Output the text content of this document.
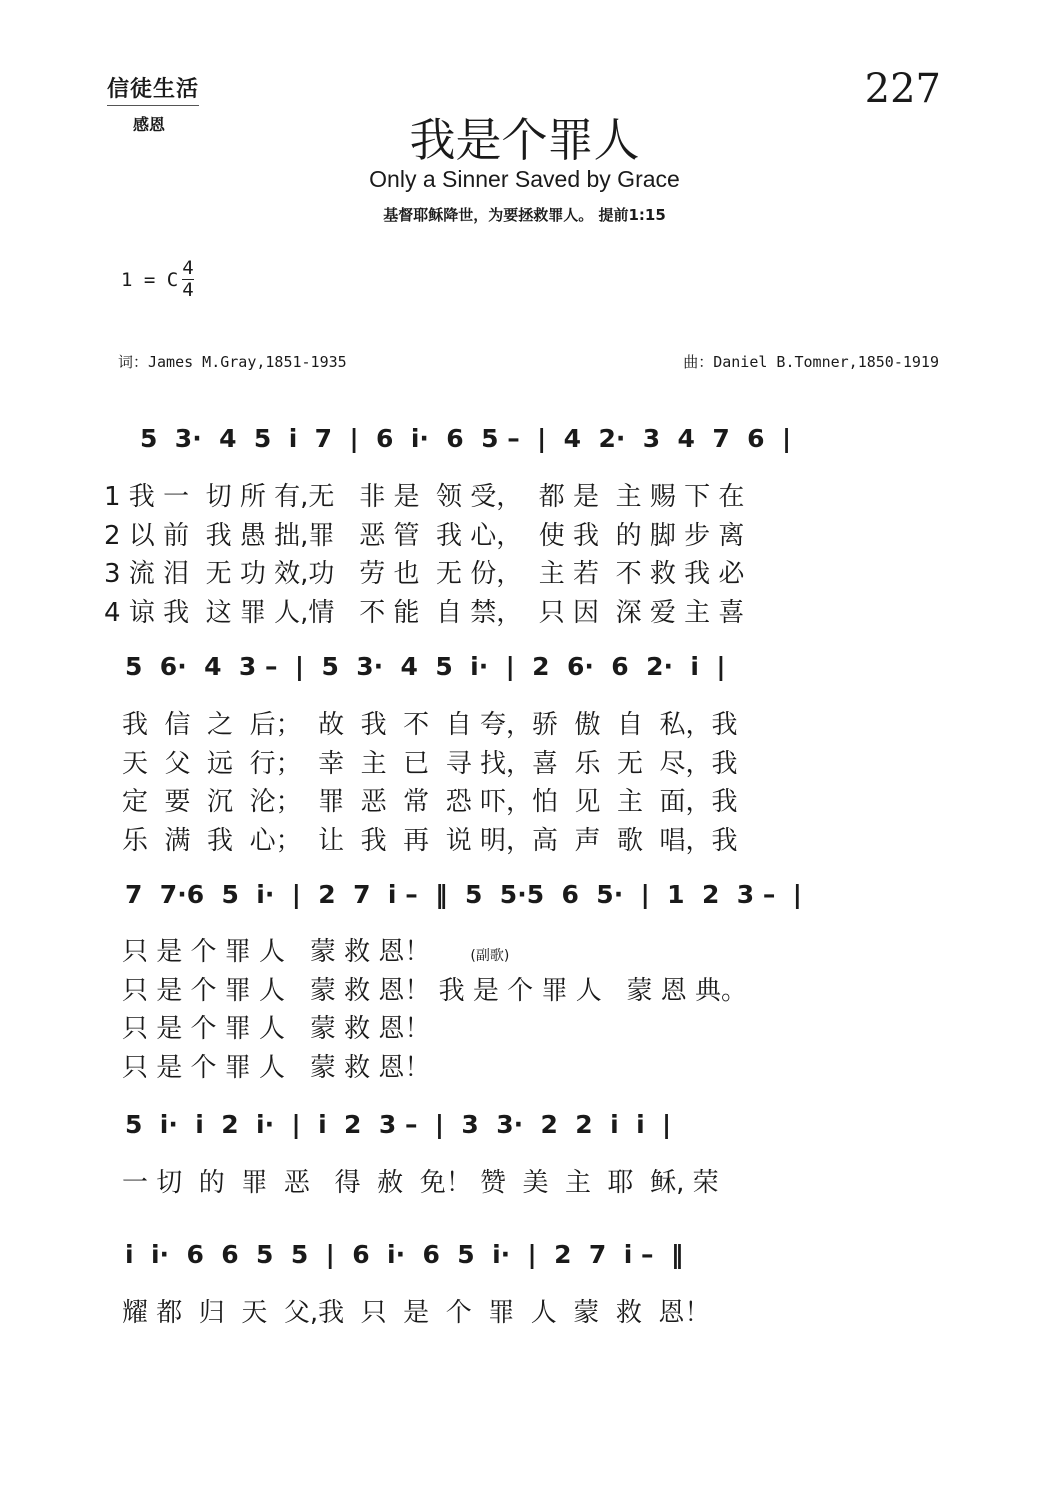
信徒生活
感恩
227
我是个罪人
Only a Sinner Saved by Grace
基督耶稣降世，为要拯救罪人。 提前1:15
1 = C $\frac{4}{4}$
词：James M.Gray,1851-1935	曲：Daniel B.Tomner,1850-1919
5  3·  4  5  i  7  |  6  i·  6  5 –  |  4  2·  3  4  7  6  |
1 我 一  切 所 有,无   非 是  领 受，  都 是  主 赐 下 在
2 以 前  我 愚 拙,罪   恶 管  我 心，  使 我  的 脚 步 离
3 流 泪  无 功 效,功   劳 也  无 份，  主 若  不 救 我 必
4 谅 我  这 罪 人,情   不 能  自 禁，  只 因  深 爱 主 喜
5  6·  4  3 –  |  5  3·  4  5  i·  |  2  6·  6  2·  i  |
我  信  之  后；  故  我  不  自 夸，骄  傲  自  私，我
天  父  远  行；  幸  主  已  寻 找，喜  乐  无  尽，我
定  要  沉  沦；  罪  恶  常  恐 吓，怕  见  主  面，我
乐  满  我  心；  让  我  再  说 明，高  声  歌  唱，我
7  7·6  5  i·  |  2  7  i –  ‖  5  5·5  6  5·  |  1  2  3 –  |
只 是 个 罪 人   蒙 救 恩！	(副歌)
只 是 个 罪 人   蒙 救 恩！ 我 是 个 罪 人   蒙 恩 典。
只 是 个 罪 人   蒙 救 恩！
只 是 个 罪 人   蒙 救 恩！
5  i·  i  2  i·  |  i  2  3 –  |  3  3·  2  2  i  i  |
一 切  的  罪  恶   得  赦  免！ 赞  美  主  耶  稣, 荣
i  i·  6  6  5  5  |  6  i·  6  5  i·  |  2  7  i –  ‖
耀 都  归  天  父,我  只  是  个  罪  人  蒙  救  恩！
